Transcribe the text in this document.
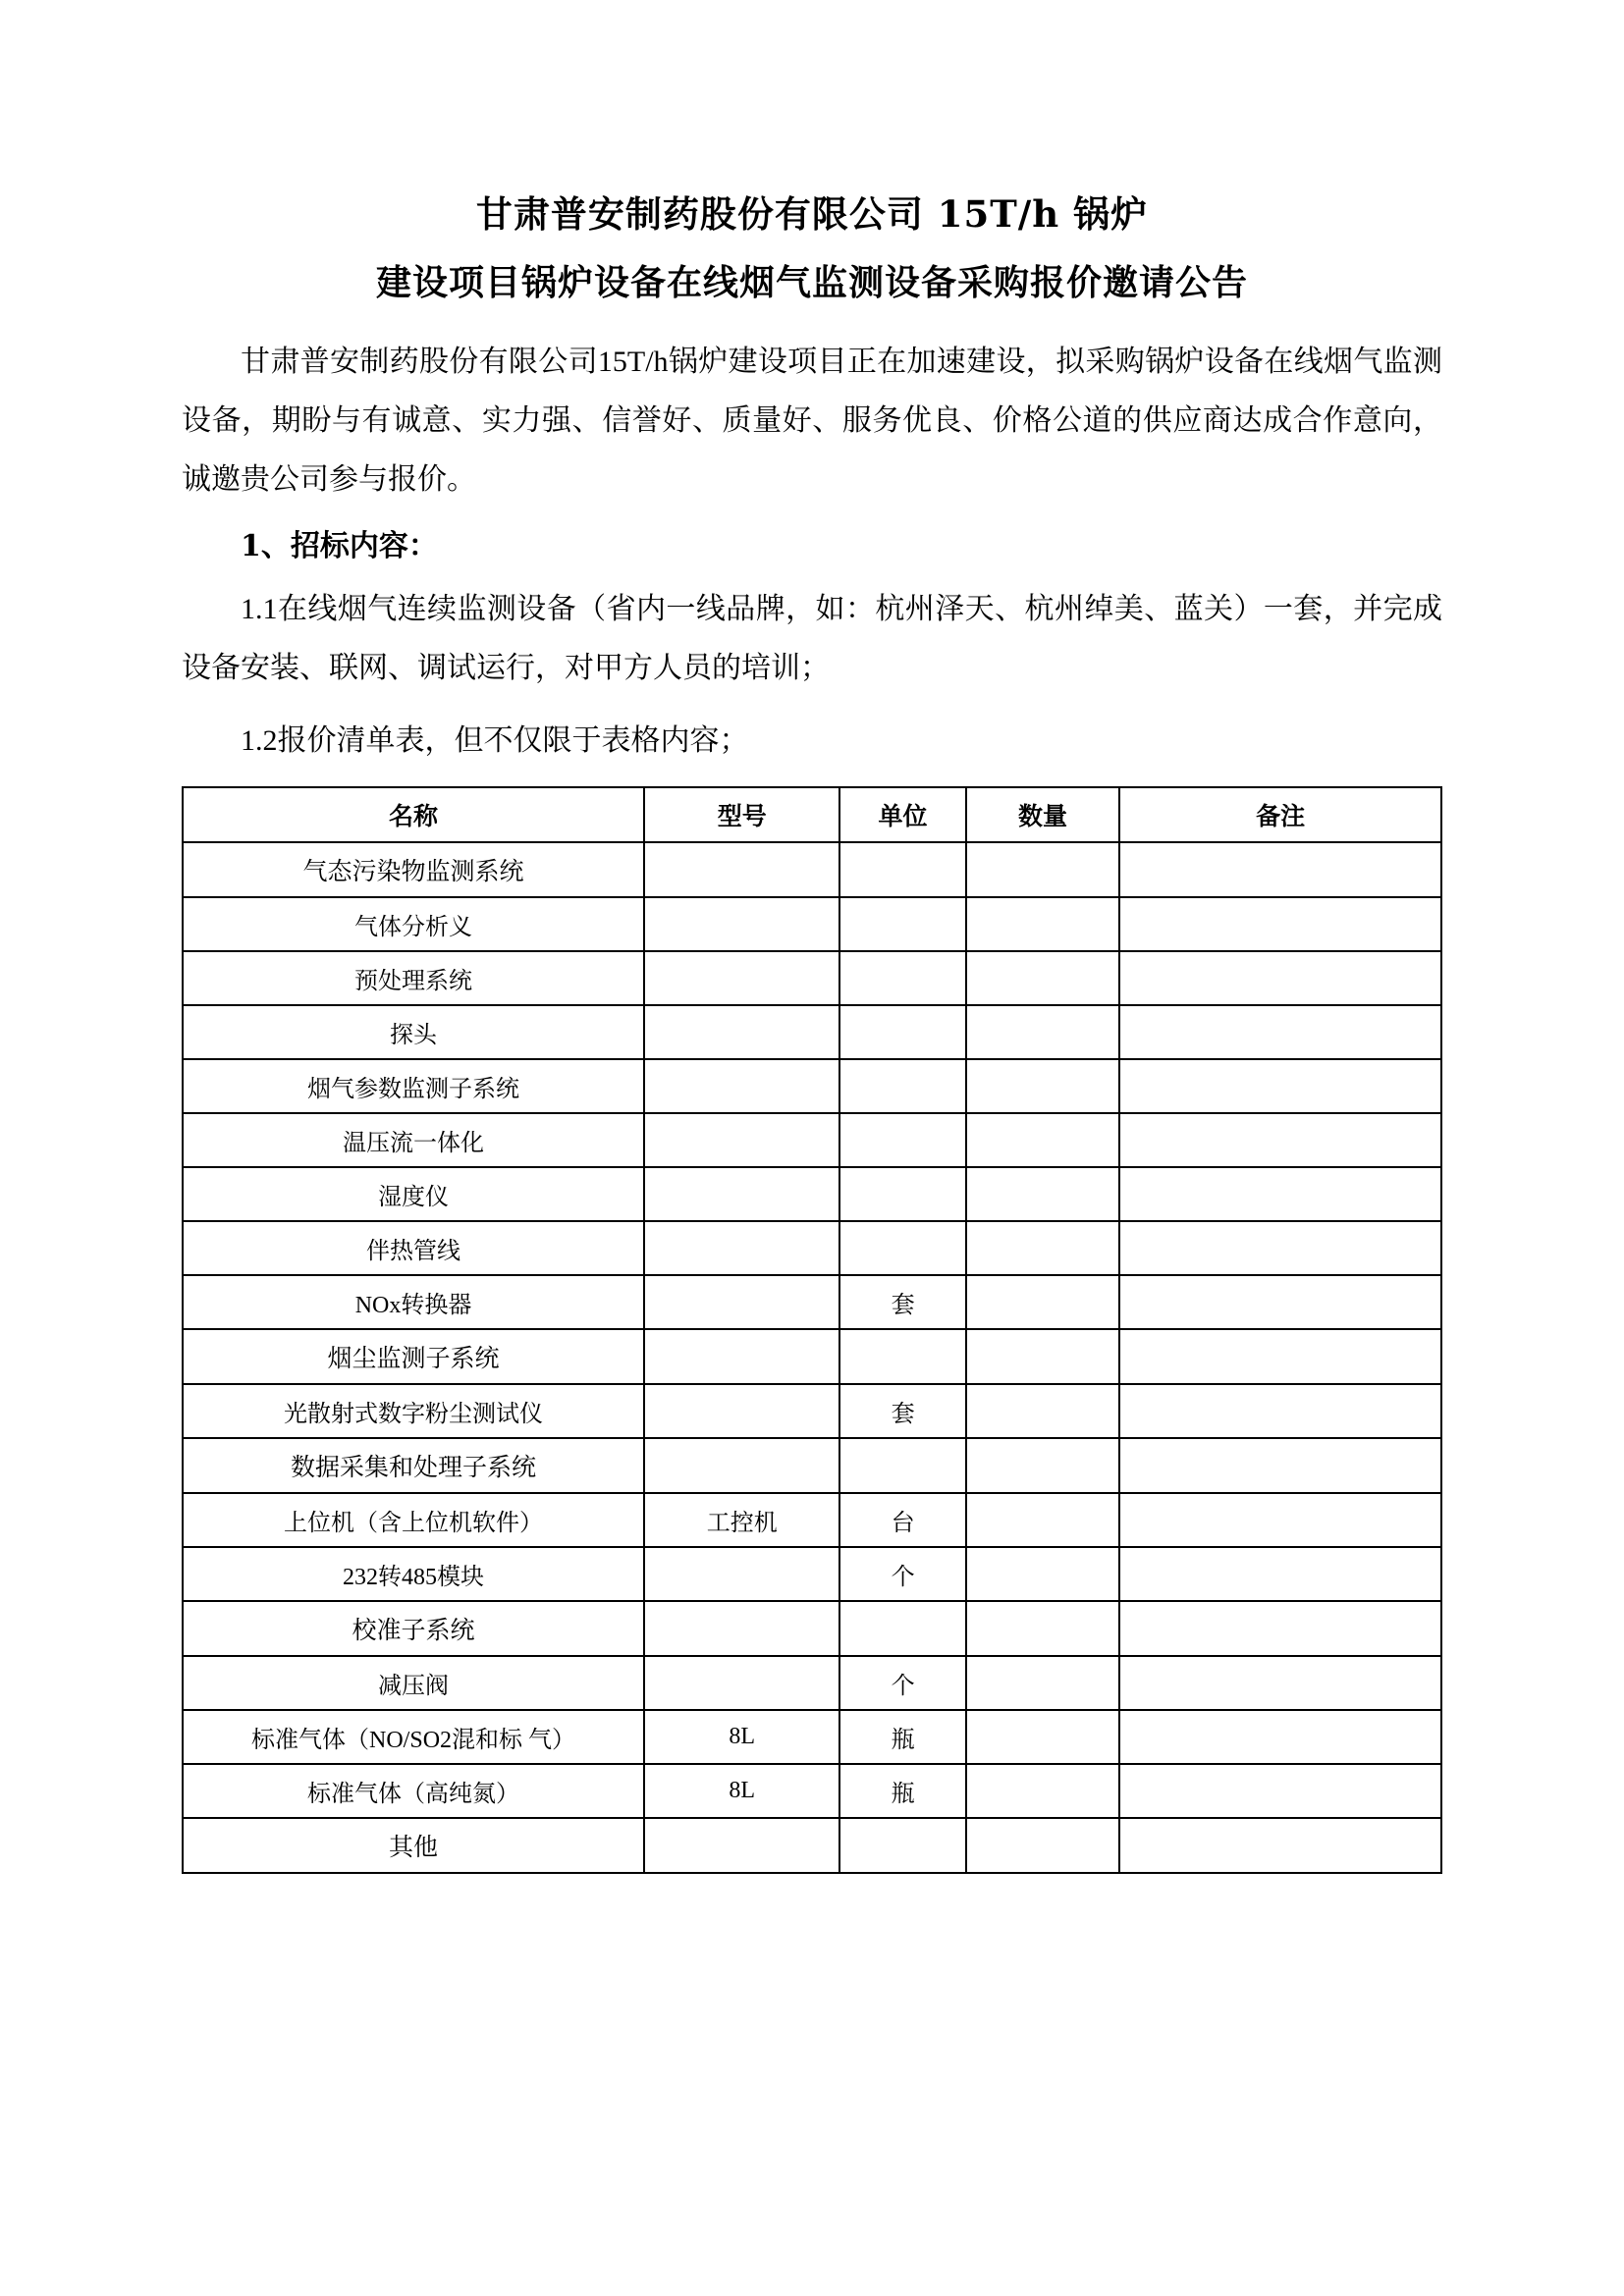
甘肃普安制药股份有限公司 15T/h 锅炉
建设项目锅炉设备在线烟气监测设备采购报价邀请公告

甘肃普安制药股份有限公司15T/h锅炉建设项目正在加速建设，拟采购锅炉设备在线烟气监测设备，期盼与有诚意、实力强、信誉好、质量好、服务优良、价格公道的供应商达成合作意向，诚邀贵公司参与报价。

1、招标内容：

1.1在线烟气连续监测设备（省内一线品牌，如：杭州泽天、杭州绰美、蓝关）一套，并完成设备安装、联网、调试运行，对甲方人员的培训；

1.2报价清单表，但不仅限于表格内容；

名称	型号	单位	数量	备注
气态污染物监测系统				
气体分析义				
预处理系统				
探头				
烟气参数监测子系统				
温压流一体化				
湿度仪				
伴热管线				
NOx转换器		套		
烟尘监测子系统				
光散射式数字粉尘测试仪		套		
数据采集和处理子系统				
上位机（含上位机软件）	工控机	台		
232转485模块		个		
校准子系统				
减压阀		个		
标准气体（NO/SO2混和标 气）	8L	瓶		
标准气体（高纯氮）	8L	瓶		
其他				
